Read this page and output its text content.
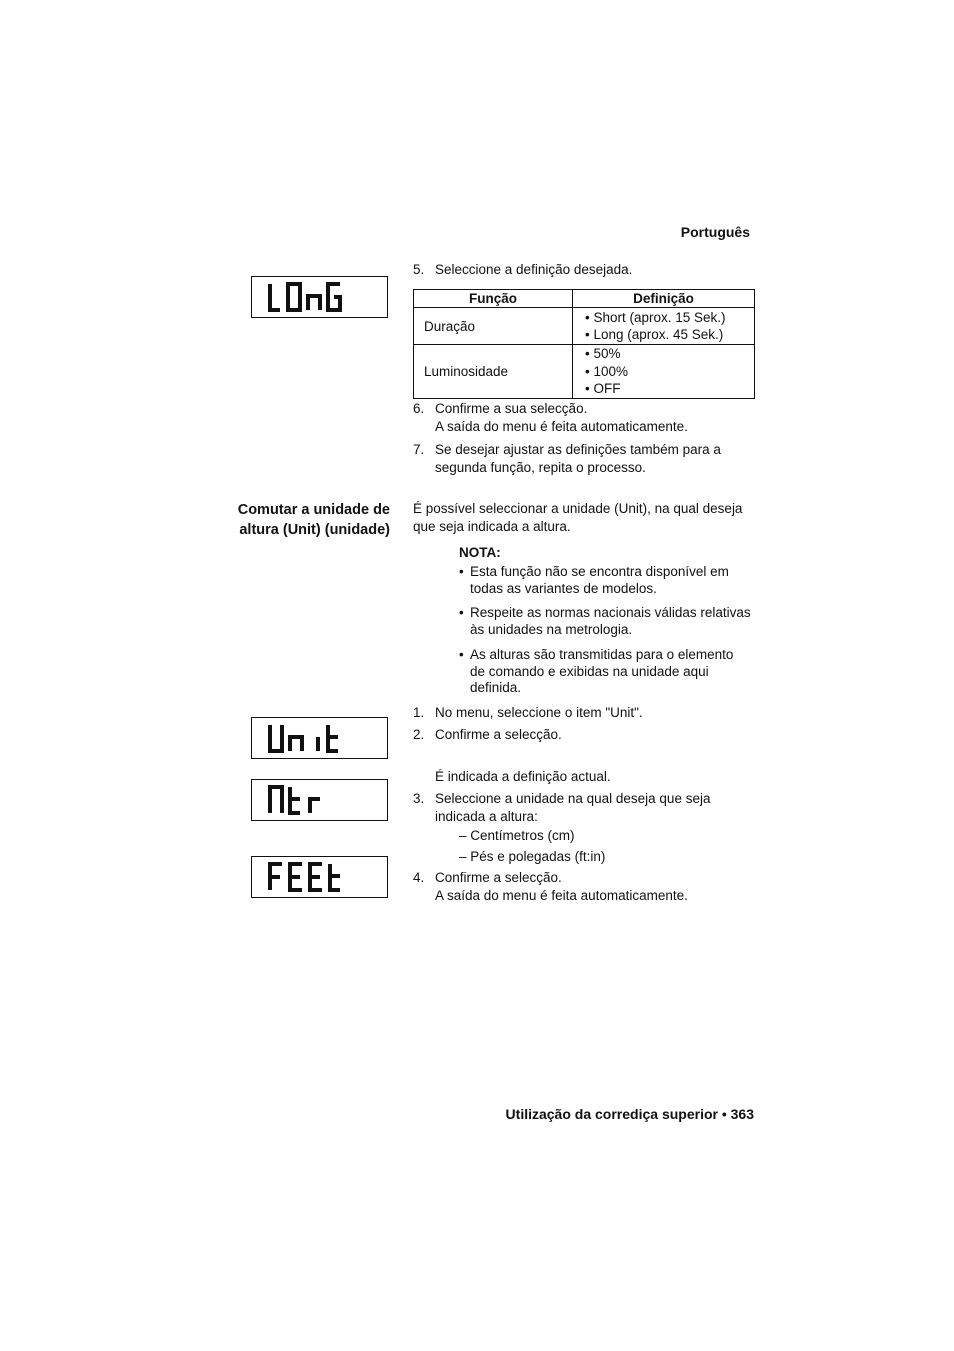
Português
5. Seleccione a definição desejada.
Função	Definição
Duração	• Short (aprox. 15 Sek.)
• Long (aprox. 45 Sek.)

Luminosidade	• 50%
• 100%
• OFF
6. Confirme a sua selecção.
A saída do menu é feita automaticamente.
7. Se desejar ajustar as definições também para a
segunda função, repita o processo.
Comutar a unidade de
altura (Unit) (unidade)
É possível seleccionar a unidade (Unit), na qual deseja
que seja indicada a altura.
NOTA:
• Esta função não se encontra disponível em
todas as variantes de modelos.
• Respeite as normas nacionais válidas relativas
às unidades na metrologia.
• As alturas são transmitidas para o elemento
de comando e exibidas na unidade aqui
definida.
1. No menu, seleccione o item "Unit".
2. Confirme a selecção.
É indicada a definição actual.
3. Seleccione a unidade na qual deseja que seja
indicada a altura:
– Centímetros (cm)
– Pés e polegadas (ft:in)
4. Confirme a selecção.
A saída do menu é feita automaticamente.
Utilização da corrediça superior • 363
